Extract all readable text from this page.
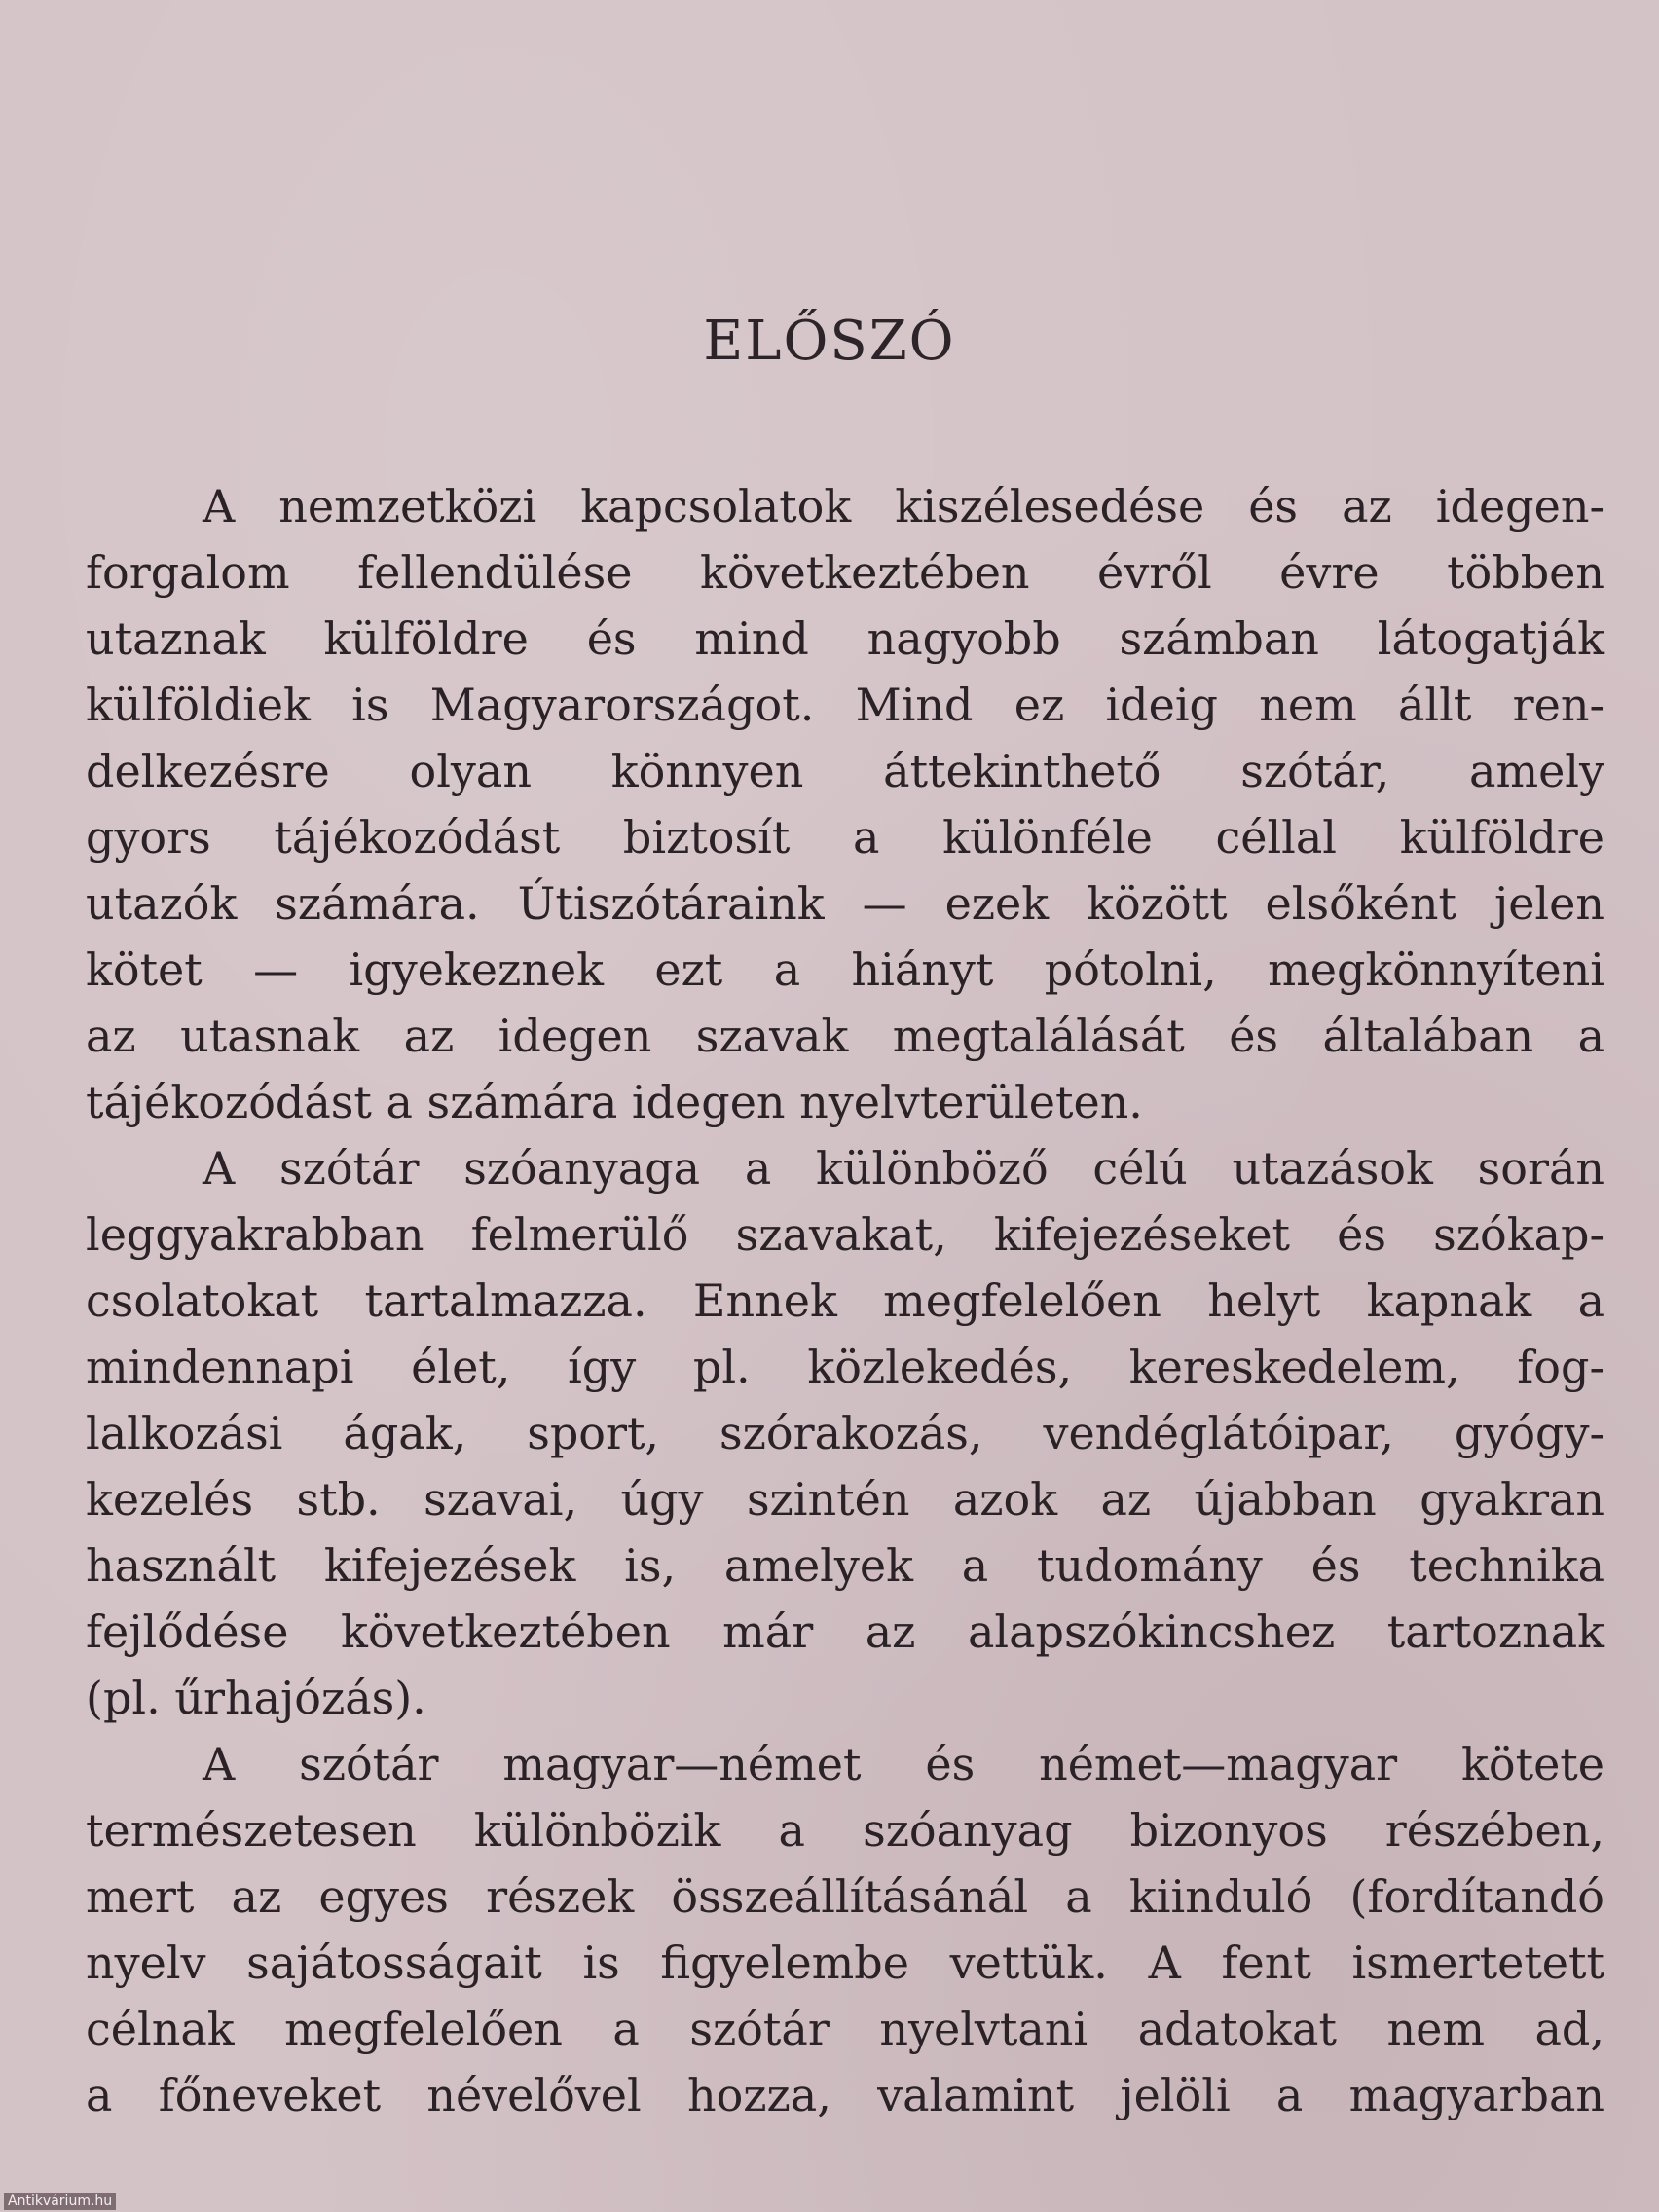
ELŐSZÓ
A nemzetközi kapcsolatok kiszélesedése és az idegen-
forgalom fellendülése következtében évről évre többen
utaznak külföldre és mind nagyobb számban látogatják
külföldiek is Magyarországot. Mind ez ideig nem állt ren-
delkezésre olyan könnyen áttekinthető szótár, amely
gyors tájékozódást biztosít a különféle céllal külföldre
utazók számára. Útiszótáraink — ezek között elsőként jelen
kötet — igyekeznek ezt a hiányt pótolni, megkönnyíteni
az utasnak az idegen szavak megtalálását és általában a
tájékozódást a számára idegen nyelvterületen.
A szótár szóanyaga a különböző célú utazások során
leggyakrabban felmerülő szavakat, kifejezéseket és szókap-
csolatokat tartalmazza. Ennek megfelelően helyt kapnak a
mindennapi élet, így pl. közlekedés, kereskedelem, fog-
lalkozási ágak, sport, szórakozás, vendéglátóipar, gyógy-
kezelés stb. szavai, úgy szintén azok az újabban gyakran
használt kifejezések is, amelyek a tudomány és technika
fejlődése következtében már az alapszókincshez tartoznak
(pl. űrhajózás).
A szótár magyar—német és német—magyar kötete
természetesen különbözik a szóanyag bizonyos részében,
mert az egyes részek összeállításánál a kiinduló (fordítandó
nyelv sajátosságait is figyelembe vettük. A fent ismertetett
célnak megfelelően a szótár nyelvtani adatokat nem ad,
a főneveket névelővel hozza, valamint jelöli a magyarban
Antikvárium.hu
